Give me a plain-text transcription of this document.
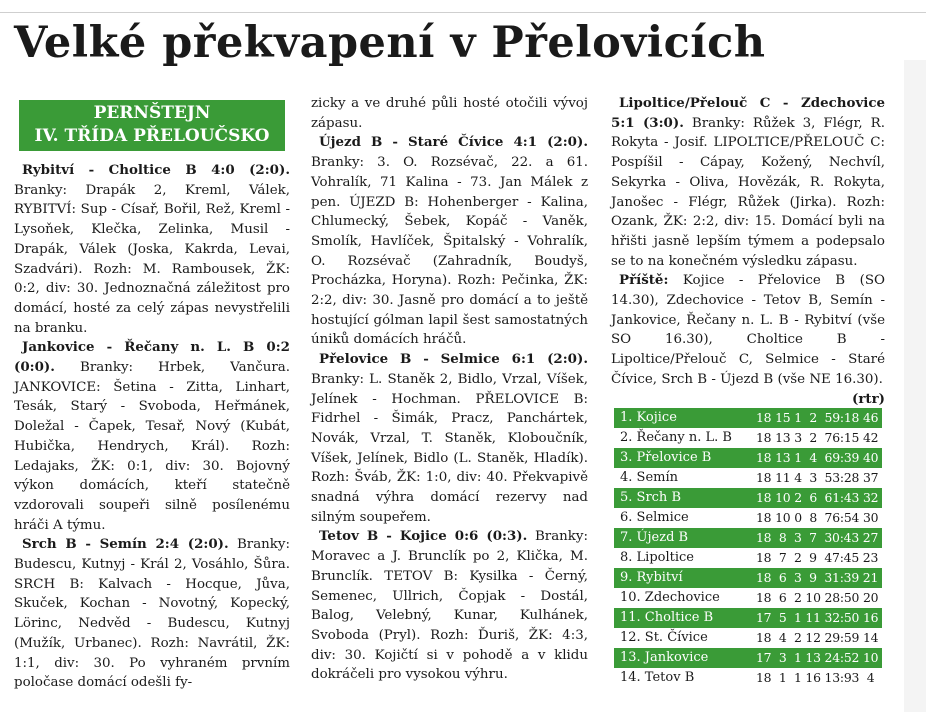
Velké překvapení v Přelovicích
PERNŠTEJN
IV. TŘÍDA PŘELOUČSKO

Rybitví - Choltice B 4:0 (2:0). Branky: Drapák 2, Kreml, Válek, RYBITVÍ: Sup - Císař, Bořil, Rež, Kreml - Lysoňek, Klečka, Zelinka, Musil - Drapák, Válek (Joska, Kakrda, Levai, Szadvári). Rozh: M. Rambousek, ŽK: 0:2, div: 30. Jednoznačná záležitost pro domácí, hosté za celý zápas nevystřelili na branku.

Jankovice - Řečany n. L. B 0:2 (0:0). Branky: Hrbek, Vančura. JANKOVICE: Šetina - Zitta, Linhart, Tesák, Starý - Svoboda, Heřmánek, Doležal - Čapek, Tesař, Nový (Kubát, Hubička, Hendrych, Král). Rozh: Ledajaks, ŽK: 0:1, div: 30. Bojovný výkon domácích, kteří statečně vzdorovali soupeři silně posílenému hráči A týmu.

Srch B - Semín 2:4 (2:0). Branky: Budescu, Kutnyj - Král 2, Vosáhlo, Šůra. SRCH B: Kalvach - Hocque, Jůva, Skuček, Kochan - Novotný, Kopecký, Lörinc, Nedvěd - Budescu, Kutnyj (Mužík, Urbanec). Rozh: Navrátil, ŽK: 1:1, div: 30. Po vyhraném prvním poločase domácí odešli fy-

zicky a ve druhé půli hosté otočili vývoj zápasu.

Újezd B - Staré Čívice 4:1 (2:0). Branky: 3. O. Rozsévač, 22. a 61. Vohralík, 71 Kalina - 73. Jan Málek z pen. ÚJEZD B: Hohenberger - Kalina, Chlumecký, Šebek, Kopáč - Vaněk, Smolík, Havlíček, Špitalský - Vohralík, O. Rozsévač (Zahradník, Boudyš, Procházka, Horyna). Rozh: Pečinka, ŽK: 2:2, div: 30. Jasně pro domácí a to ještě hostující gólman lapil šest samostatných úniků domácích hráčů.

Přelovice B - Selmice 6:1 (2:0). Branky: L. Staněk 2, Bidlo, Vrzal, Víšek, Jelínek - Hochman. PŘELOVICE B: Fidrhel - Šimák, Pracz, Panchártek, Novák, Vrzal, T. Staněk, Kloboučník, Víšek, Jelínek, Bidlo (L. Staněk, Hladík). Rozh: Šváb, ŽK: 1:0, div: 40. Překvapivě snadná výhra domácí rezervy nad silným soupeřem.

Tetov B - Kojice 0:6 (0:3). Branky: Moravec a J. Brunclík po 2, Klička, M. Brunclík. TETOV B: Kysilka - Černý, Semenec, Ullrich, Čopjak - Dostál, Balog, Velebný, Kunar, Kulhánek, Svoboda (Pryl). Rozh: Ďuriš, ŽK: 4:3, div: 30. Kojičtí si v pohodě a v klidu dokráčeli pro vysokou výhru.

Lipoltice/Přelouč C - Zdechovice 5:1 (3:0). Branky: Růžek 3, Flégr, R. Rokyta - Josif. LIPOLTICE/PŘELOUČ C: Pospíšil - Cápay, Kožený, Nechvíl, Sekyrka - Oliva, Hovězák, R. Rokyta, Janošec - Flégr, Růžek (Jirka). Rozh: Ozank, ŽK: 2:2, div: 15. Domácí byli na hřišti jasně lepším týmem a podepsalo se to na konečném výsledku zápasu.

Příště: Kojice - Přelovice B (SO 14.30), Zdechovice - Tetov B, Semín - Jankovice, Řečany n. L. B - Rybitví (vše SO 16.30), Choltice B - Lipoltice/Přelouč C, Selmice - Staré Čívice, Srch B - Újezd B (vše NE 16.30).
(rtr)

1. Kojice	18 15 1  2  59:18 46
2. Řečany n. L. B	18 13 3  2  76:15 42
3. Přelovice B	18 13 1  4  69:39 40
4. Semín	18 11 4  3  53:28 37
5. Srch B	18 10 2  6  61:43 32
6. Selmice	18 10 0  8  76:54 30
7. Újezd B	18  8  3  7  30:43 27
8. Lipoltice	18  7  2  9  47:45 23
9. Rybitví	18  6  3  9  31:39 21
10. Zdechovice	18  6  2 10 28:50 20
11. Choltice B	17  5  1 11 32:50 16
12. St. Čívice	18  4  2 12 29:59 14
13. Jankovice	17  3  1 13 24:52 10
14. Tetov B	18  1  1 16 13:93  4
